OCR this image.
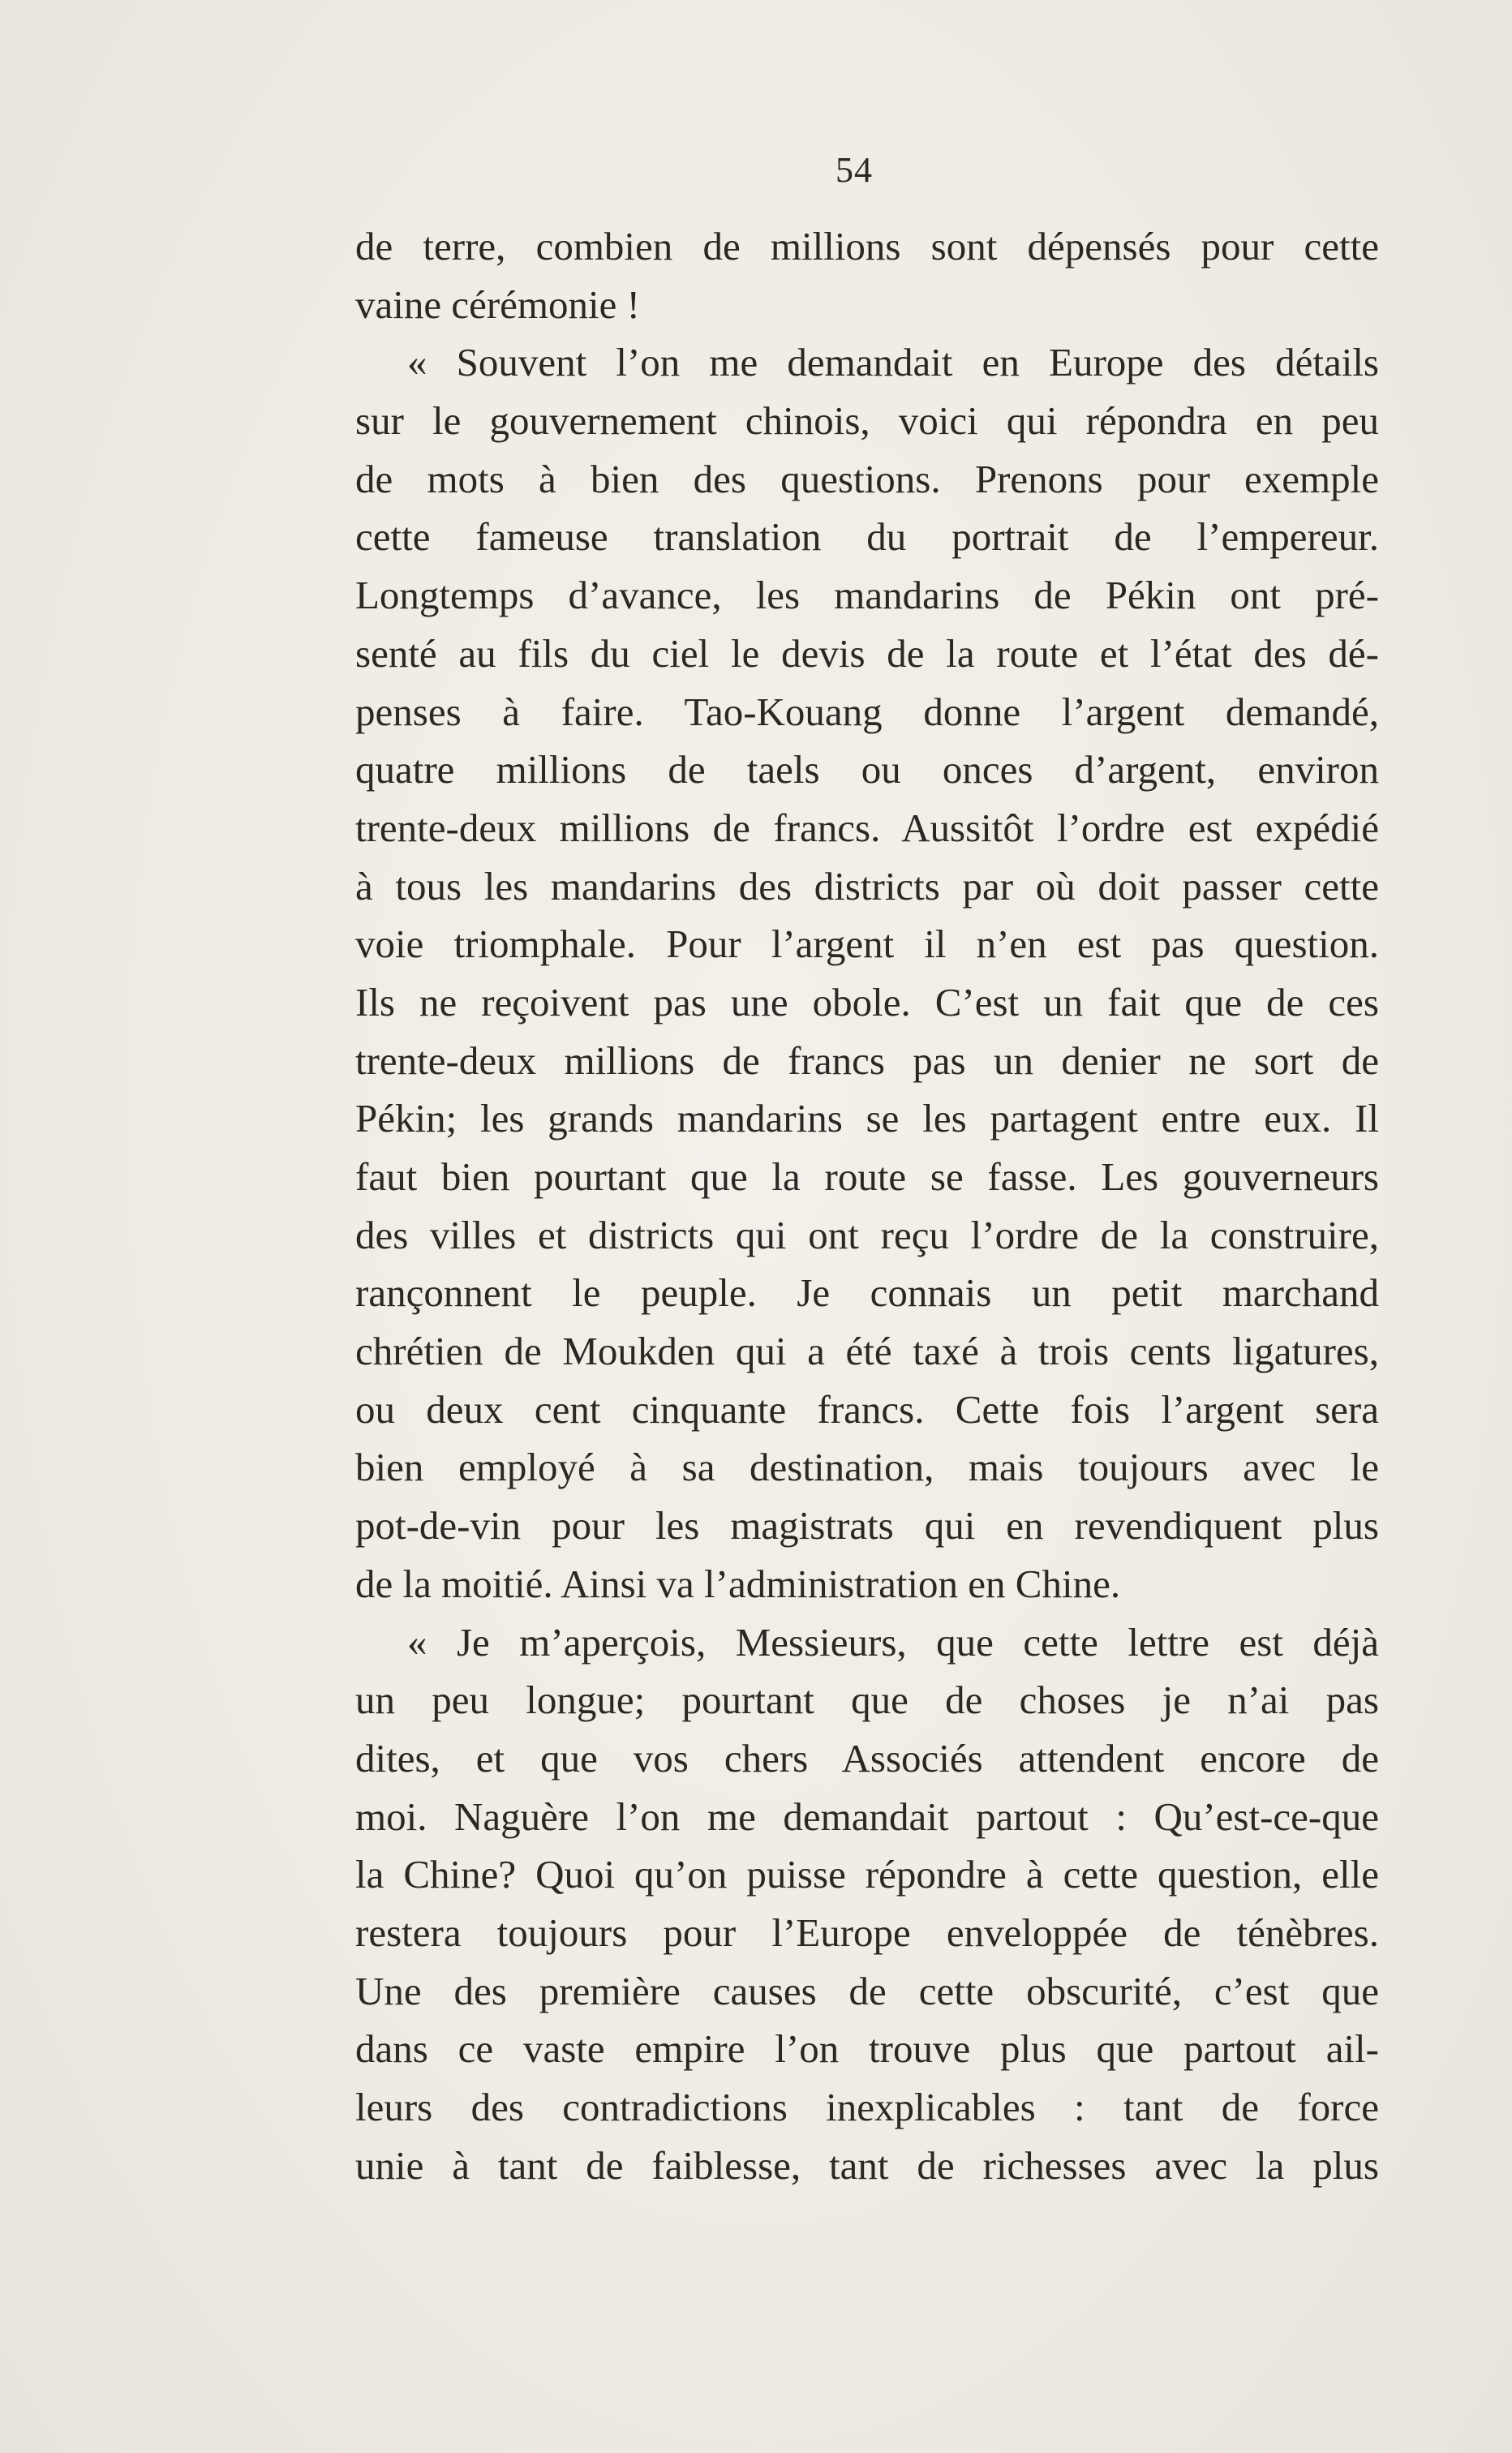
54
de terre, combien de millions sont dépensés pour cette
vaine cérémonie !
« Souvent l’on me demandait en Europe des détails
sur le gouvernement chinois, voici qui répondra en peu
de mots à bien des questions. Prenons pour exemple
cette fameuse translation du portrait de l’empereur.
Longtemps d’avance, les mandarins de Pékin ont pré-
senté au fils du ciel le devis de la route et l’état des dé-
penses à faire. Tao-Kouang donne l’argent demandé,
quatre millions de taels ou onces d’argent, environ
trente-deux millions de francs. Aussitôt l’ordre est expédié
à tous les mandarins des districts par où doit passer cette
voie triomphale. Pour l’argent il n’en est pas question.
Ils ne reçoivent pas une obole. C’est un fait que de ces
trente-deux millions de francs pas un denier ne sort de
Pékin; les grands mandarins se les partagent entre eux. Il
faut bien pourtant que la route se fasse. Les gouverneurs
des villes et districts qui ont reçu l’ordre de la construire,
rançonnent le peuple. Je connais un petit marchand
chrétien de Moukden qui a été taxé à trois cents ligatures,
ou deux cent cinquante francs. Cette fois l’argent sera
bien employé à sa destination, mais toujours avec le
pot-de-vin pour les magistrats qui en revendiquent plus
de la moitié. Ainsi va l’administration en Chine.
« Je m’aperçois, Messieurs, que cette lettre est déjà
un peu longue; pourtant que de choses je n’ai pas
dites, et que vos chers Associés attendent encore de
moi. Naguère l’on me demandait partout : Qu’est-ce-que
la Chine? Quoi qu’on puisse répondre à cette question, elle
restera toujours pour l’Europe enveloppée de ténèbres.
Une des première causes de cette obscurité, c’est que
dans ce vaste empire l’on trouve plus que partout ail-
leurs des contradictions inexplicables : tant de force
unie à tant de faiblesse, tant de richesses avec la plus
